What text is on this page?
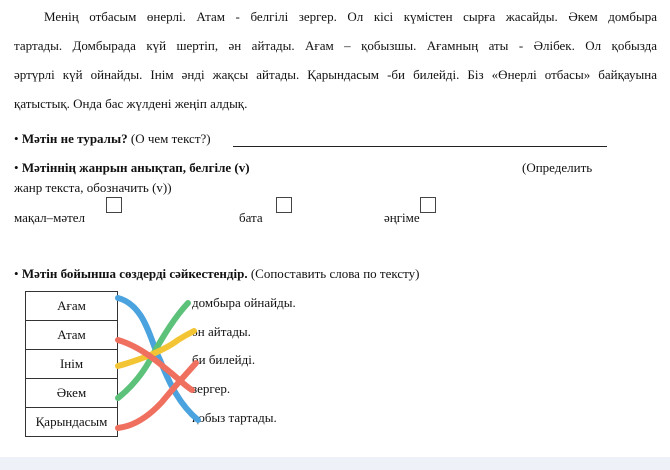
Менің отбасым өнерлі. Атам - белгілі зергер. Ол кісі күмістен сырға жасайды. Әкем домбыра
тартады. Домбырада күй шертіп, ән айтады. Ағам – қобызшы. Ағамның аты - Әлібек. Ол қобызда
әртүрлі күй ойнайды. Інім әнді жақсы айтады. Қарындасым -би билейді. Біз «Өнерлі отбасы» байқауына
қатыстық. Онда бас жүлдені жеңіп алдық.
• Мәтін не туралы? (О чем текст?)
• Мәтіннің жанрын анықтап, белгіле (v)	(Определить
жанр текста, обозначить (v))
мақал–мәтел	бата	әңгіме
• Мәтін бойынша сөздерді сәйкестендір. (Сопоставить слова по тексту)
Ағам
Атам
Інім
Әкем
Қарындасым
домбыра ойнайды.
ән айтады.
би билейді.
зергер.
қобыз тартады.
